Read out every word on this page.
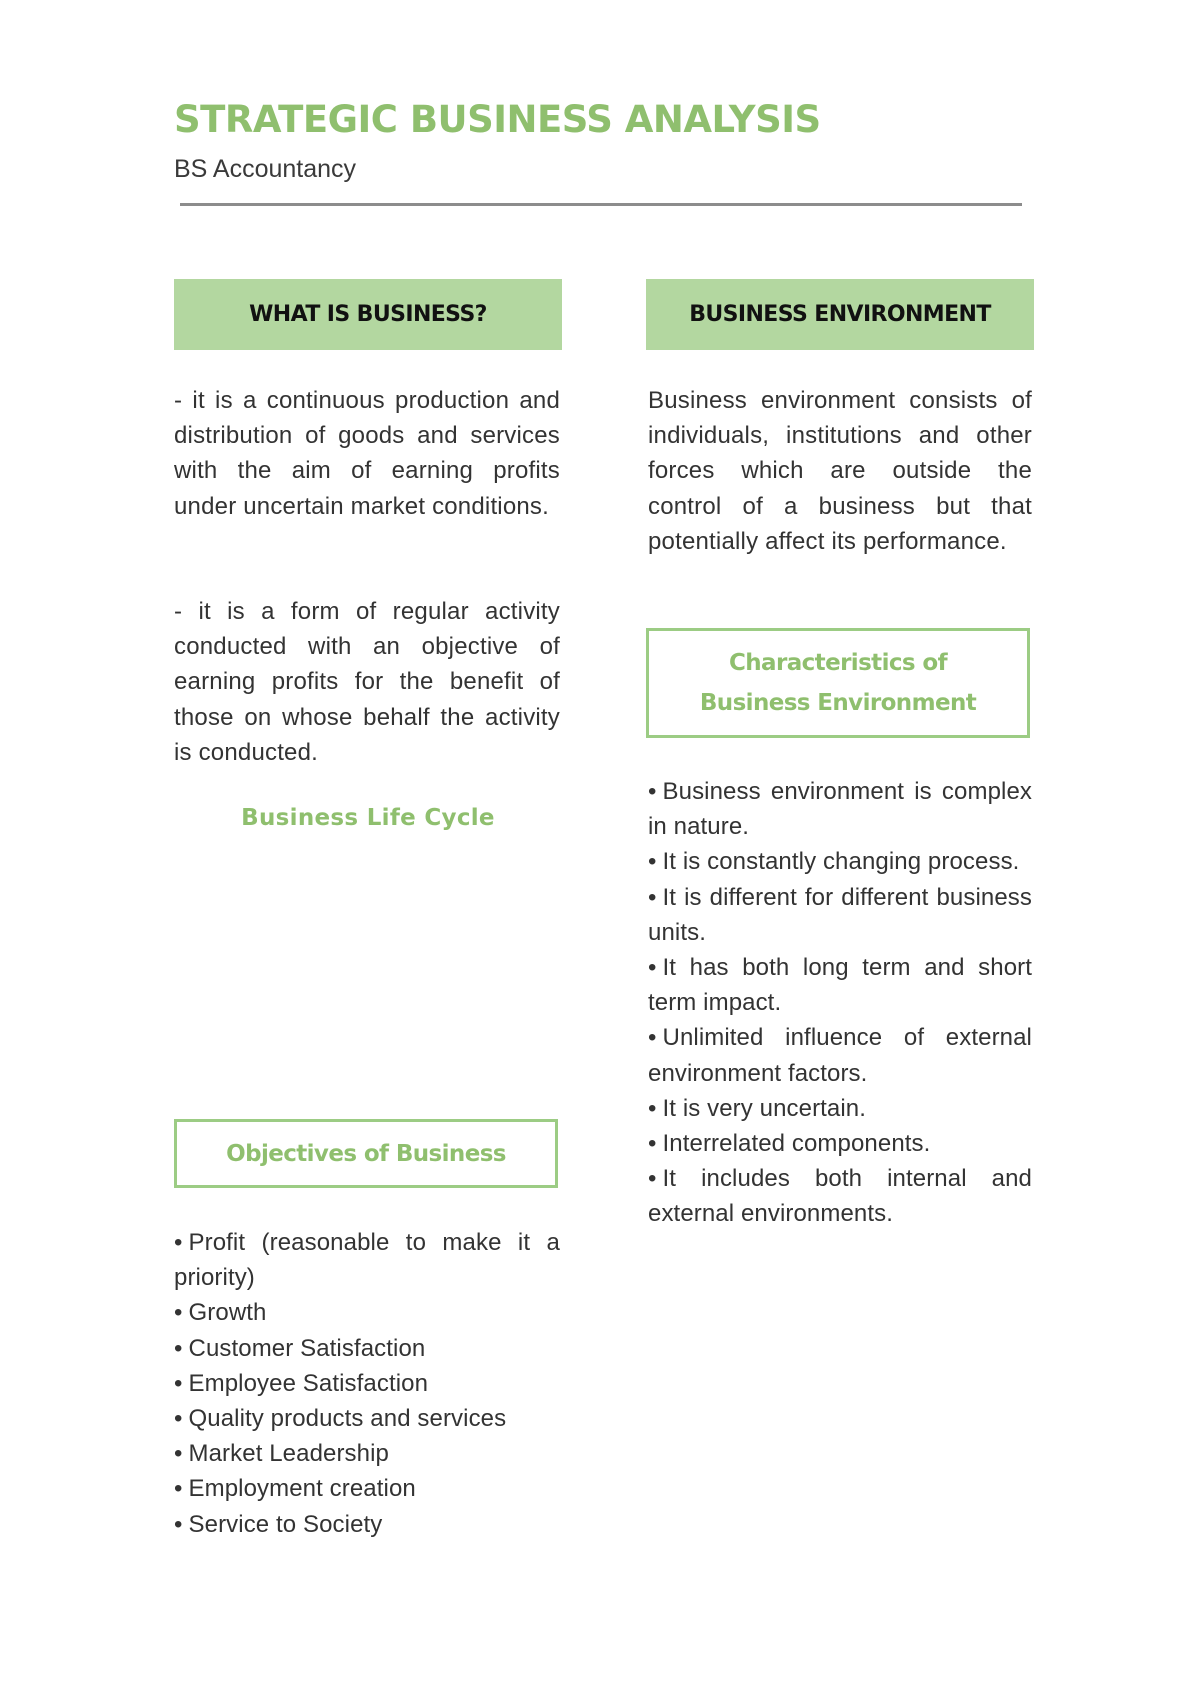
STRATEGIC BUSINESS ANALYSIS
BS Accountancy
WHAT IS BUSINESS?

- it is a continuous production and distribution of goods and services with the aim of earning profits under uncertain market conditions.

- it is a form of regular activity conducted with an objective of earning profits for the benefit of those on whose behalf the activity is conducted.

Business Life Cycle
Objectives of Business
• Profit (reasonable to make it a priority)
• Growth
• Customer Satisfaction
• Employee Satisfaction
• Quality products and services
• Market Leadership
• Employment creation
• Service to Society
BUSINESS ENVIRONMENT

Business environment consists of individuals, institutions and other forces which are outside the control of a business but that potentially affect its performance.

Characteristics of
Business Environment
• Business environment is complex in nature.
• It is constantly changing process.
• It is different for different business units.
• It has both long term and short term impact.
• Unlimited influence of external environment factors.
• It is very uncertain.
• Interrelated components.
• It includes both internal and external environments.
